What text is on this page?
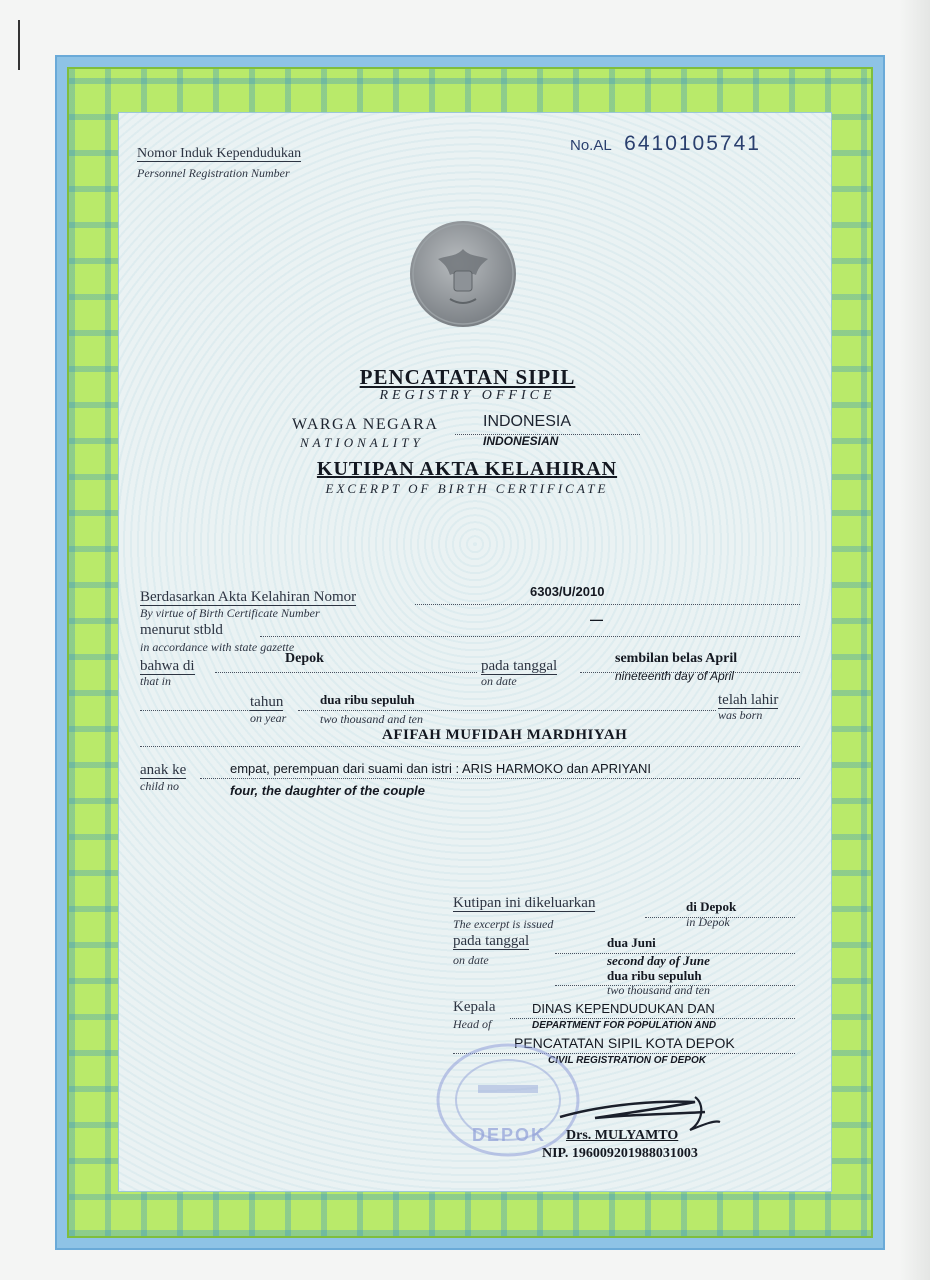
Nomor Induk Kependudukan
Personnel Registration Number
No.AL 6410105741
PENCATATAN SIPIL
REGISTRY OFFICE
WARGA NEGARA
NATIONALITY
INDONESIA
INDONESIAN
KUTIPAN AKTA KELAHIRAN
EXCERPT OF BIRTH CERTIFICATE
Berdasarkan Akta Kelahiran Nomor
By virtue of Birth Certificate Number
6303/U/2010
menurut stbld
in accordance with state gazette
—
bahwa di
that in
Depok	pada tanggal
on date
sembilan belas April
nineteenth day of April
tahun
on year
dua ribu sepuluh
two thousand and ten
telah lahir
was born
AFIFAH MUFIDAH MARDHIYAH
anak ke
child no
empat, perempuan dari suami dan istri : ARIS HARMOKO dan APRIYANI
four, the daughter of the couple
Kutipan ini dikeluarkan
The excerpt is issued
di Depok
in Depok
pada tanggal
on date
dua Juni
second day of June
dua ribu sepuluh
two thousand and ten
Kepala
Head of
DINAS KEPENDUDUKAN DAN
DEPARTMENT FOR POPULATION AND
PENCATATAN SIPIL KOTA DEPOK
CIVIL REGISTRATION OF DEPOK
DEPOK Drs. MULYAMTO
NIP. 196009201988031003
